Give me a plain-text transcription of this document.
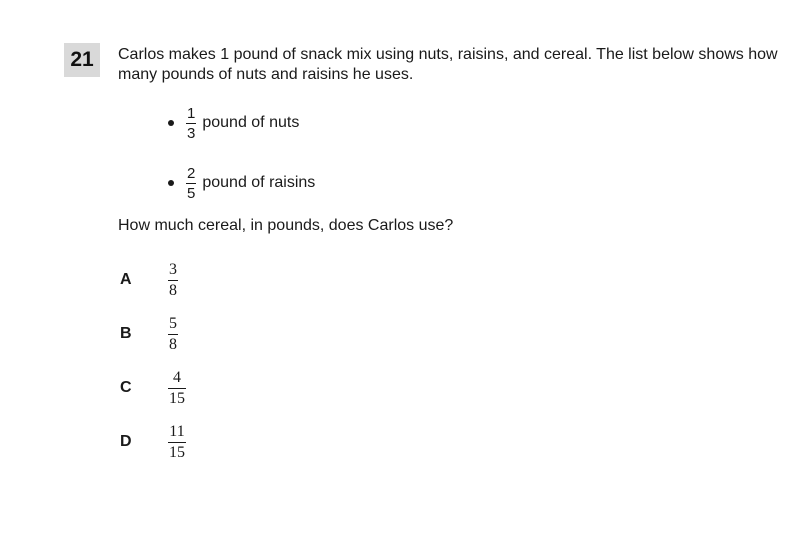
21	Carlos makes 1 pound of snack mix using nuts, raisins, and cereal. The list below shows how many pounds of nuts and raisins he uses.
$\frac{1}{3}$ pound of nuts
$\frac{2}{5}$ pound of raisins
How much cereal, in pounds, does Carlos use?
A	$\frac{3}{8}$
B	$\frac{5}{8}$
C	$\frac{4}{15}$
D	$\frac{11}{15}$
